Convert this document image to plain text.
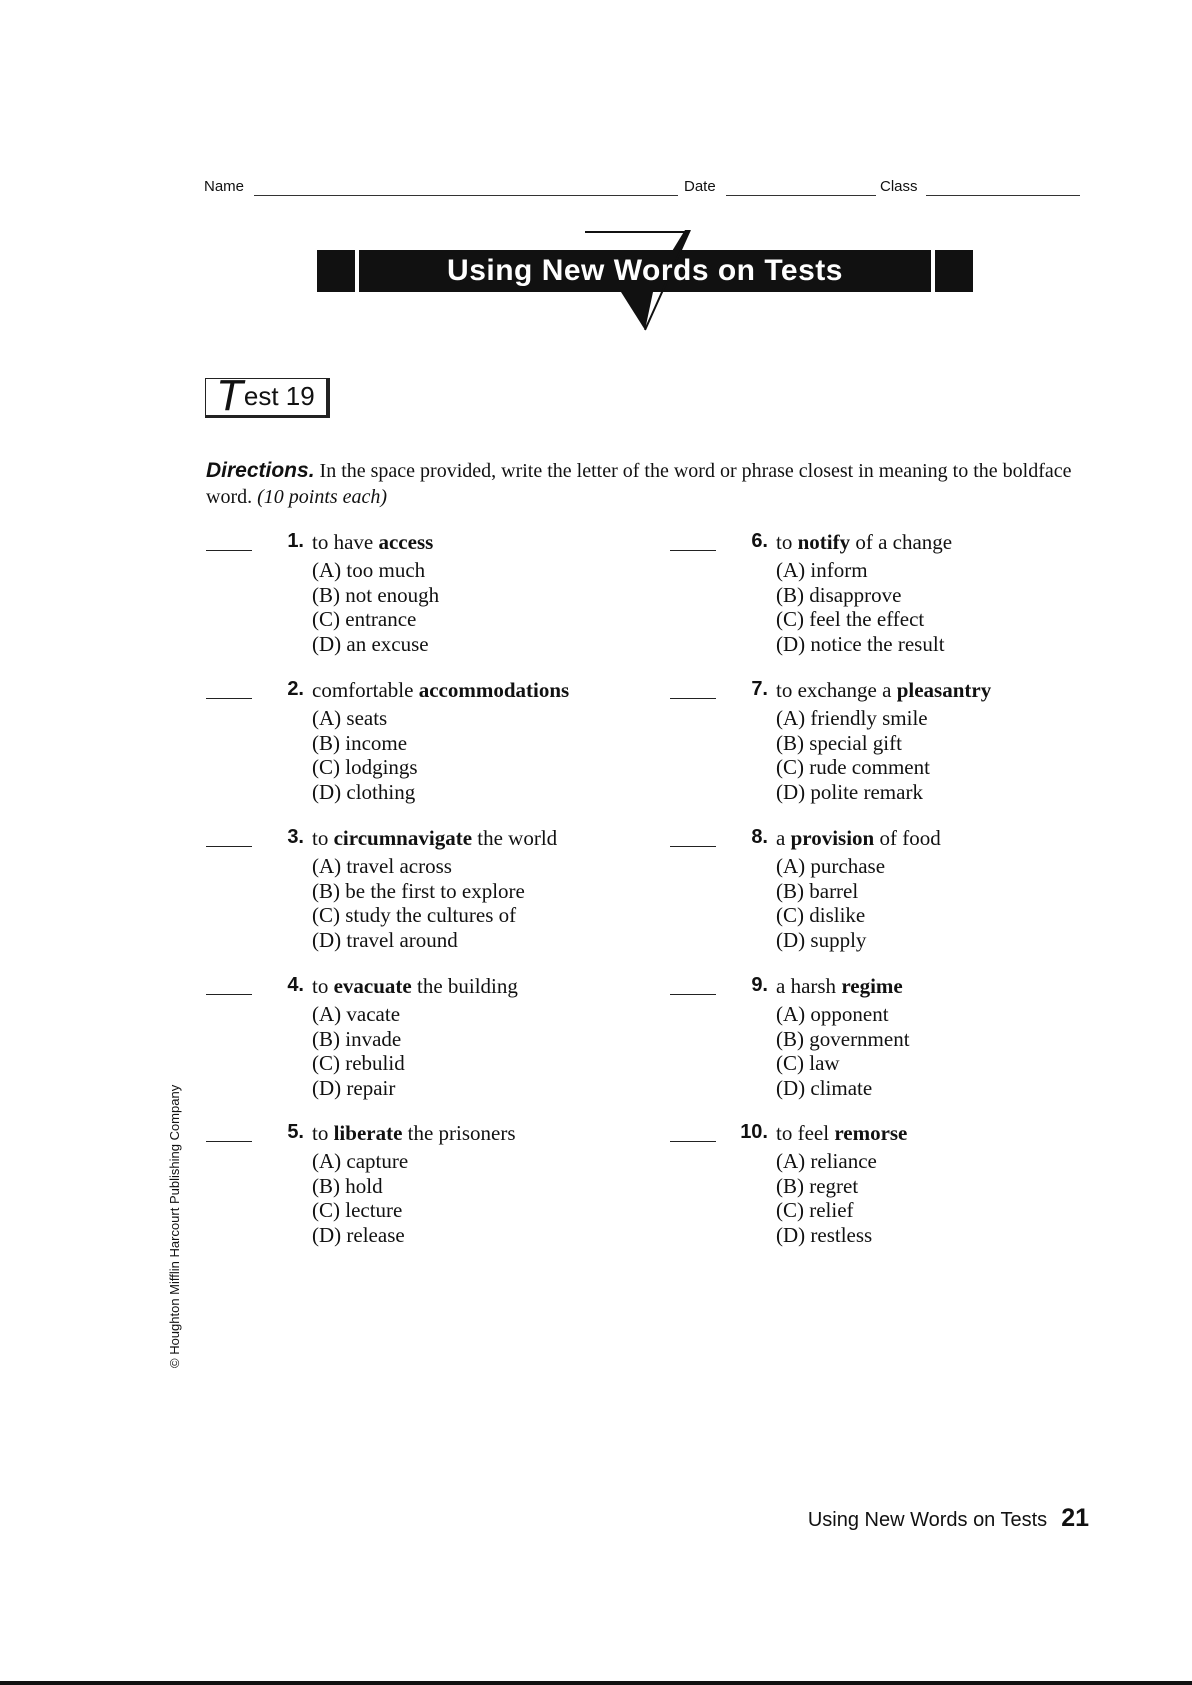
Name	Date	Class
Using New Words on Tests
Test 19
Directions. In the space provided, write the letter of the word or phrase closest in meaning to the boldface word. (10 points each)
1. to have access
(A) too much
(B) not enough
(C) entrance
(D) an excuse
2. comfortable accommodations
(A) seats
(B) income
(C) lodgings
(D) clothing
3. to circumnavigate the world
(A) travel across
(B) be the first to explore
(C) study the cultures of
(D) travel around
4. to evacuate the building
(A) vacate
(B) invade
(C) rebulid
(D) repair
5. to liberate the prisoners
(A) capture
(B) hold
(C) lecture
(D) release
6. to notify of a change
(A) inform
(B) disapprove
(C) feel the effect
(D) notice the result
7. to exchange a pleasantry
(A) friendly smile
(B) special gift
(C) rude comment
(D) polite remark
8. a provision of food
(A) purchase
(B) barrel
(C) dislike
(D) supply
9. a harsh regime
(A) opponent
(B) government
(C) law
(D) climate
10. to feel remorse
(A) reliance
(B) regret
(C) relief
(D) restless
© Houghton Mifflin Harcourt Publishing Company
Using New Words on Tests 21
